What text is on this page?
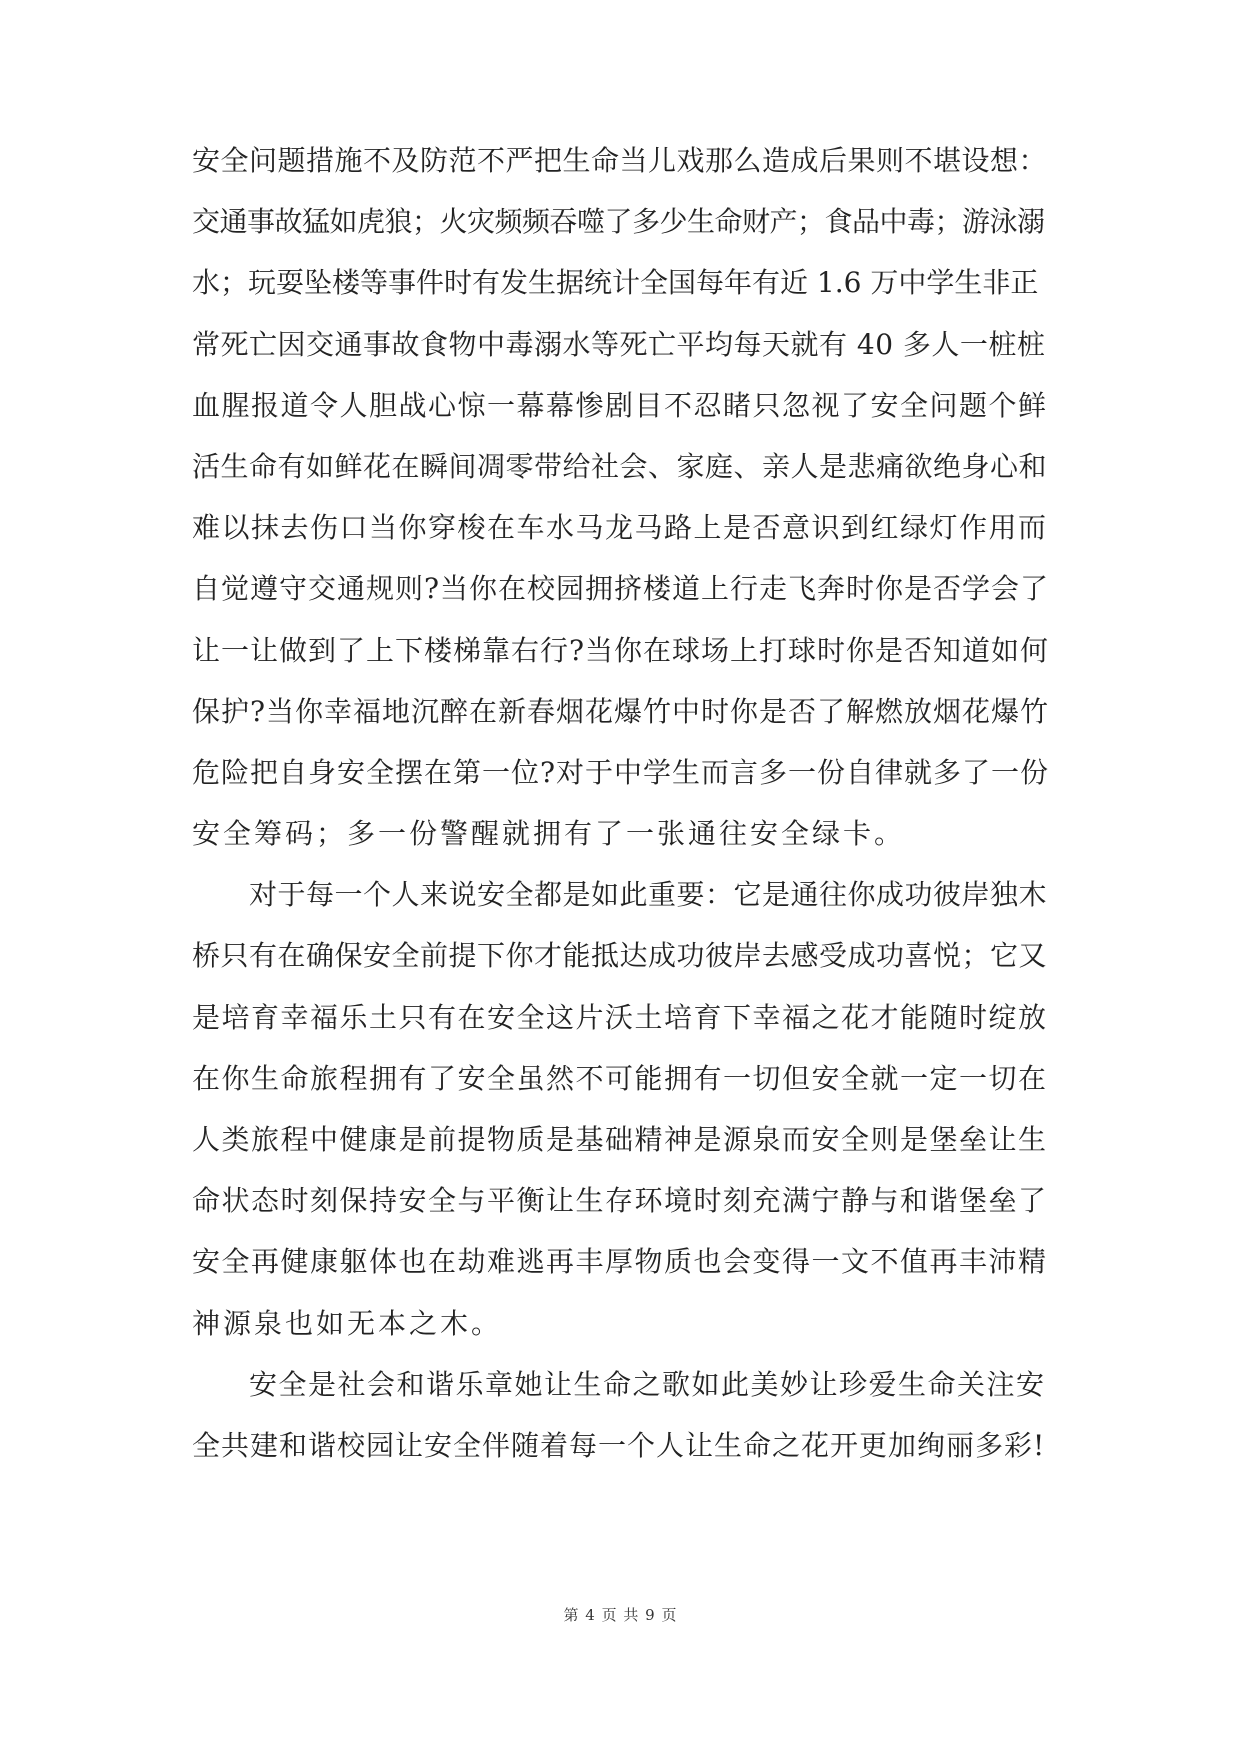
安全问题措施不及防范不严把生命当儿戏那么造成后果则不堪设想：
交通事故猛如虎狼；火灾频频吞噬了多少生命财产；食品中毒；游泳溺
水；玩耍坠楼等事件时有发生据统计全国每年有近 1.6 万中学生非正
常死亡因交通事故食物中毒溺水等死亡平均每天就有 40 多人一桩桩
血腥报道令人胆战心惊一幕幕惨剧目不忍睹只忽视了安全问题个鲜
活生命有如鲜花在瞬间凋零带给社会、家庭、亲人是悲痛欲绝身心和
难以抹去伤口当你穿梭在车水马龙马路上是否意识到红绿灯作用而
自觉遵守交通规则?当你在校园拥挤楼道上行走飞奔时你是否学会了
让一让做到了上下楼梯靠右行?当你在球场上打球时你是否知道如何
保护?当你幸福地沉醉在新春烟花爆竹中时你是否了解燃放烟花爆竹
危险把自身安全摆在第一位?对于中学生而言多一份自律就多了一份
安全筹码；多一份警醒就拥有了一张通往安全绿卡。
对于每一个人来说安全都是如此重要：它是通往你成功彼岸独木
桥只有在确保安全前提下你才能抵达成功彼岸去感受成功喜悦；它又
是培育幸福乐土只有在安全这片沃土培育下幸福之花才能随时绽放
在你生命旅程拥有了安全虽然不可能拥有一切但安全就一定一切在
人类旅程中健康是前提物质是基础精神是源泉而安全则是堡垒让生
命状态时刻保持安全与平衡让生存环境时刻充满宁静与和谐堡垒了
安全再健康躯体也在劫难逃再丰厚物质也会变得一文不值再丰沛精
神源泉也如无本之木。
安全是社会和谐乐章她让生命之歌如此美妙让珍爱生命关注安
全共建和谐校园让安全伴随着每一个人让生命之花开更加绚丽多彩!
第 4 页 共 9 页
